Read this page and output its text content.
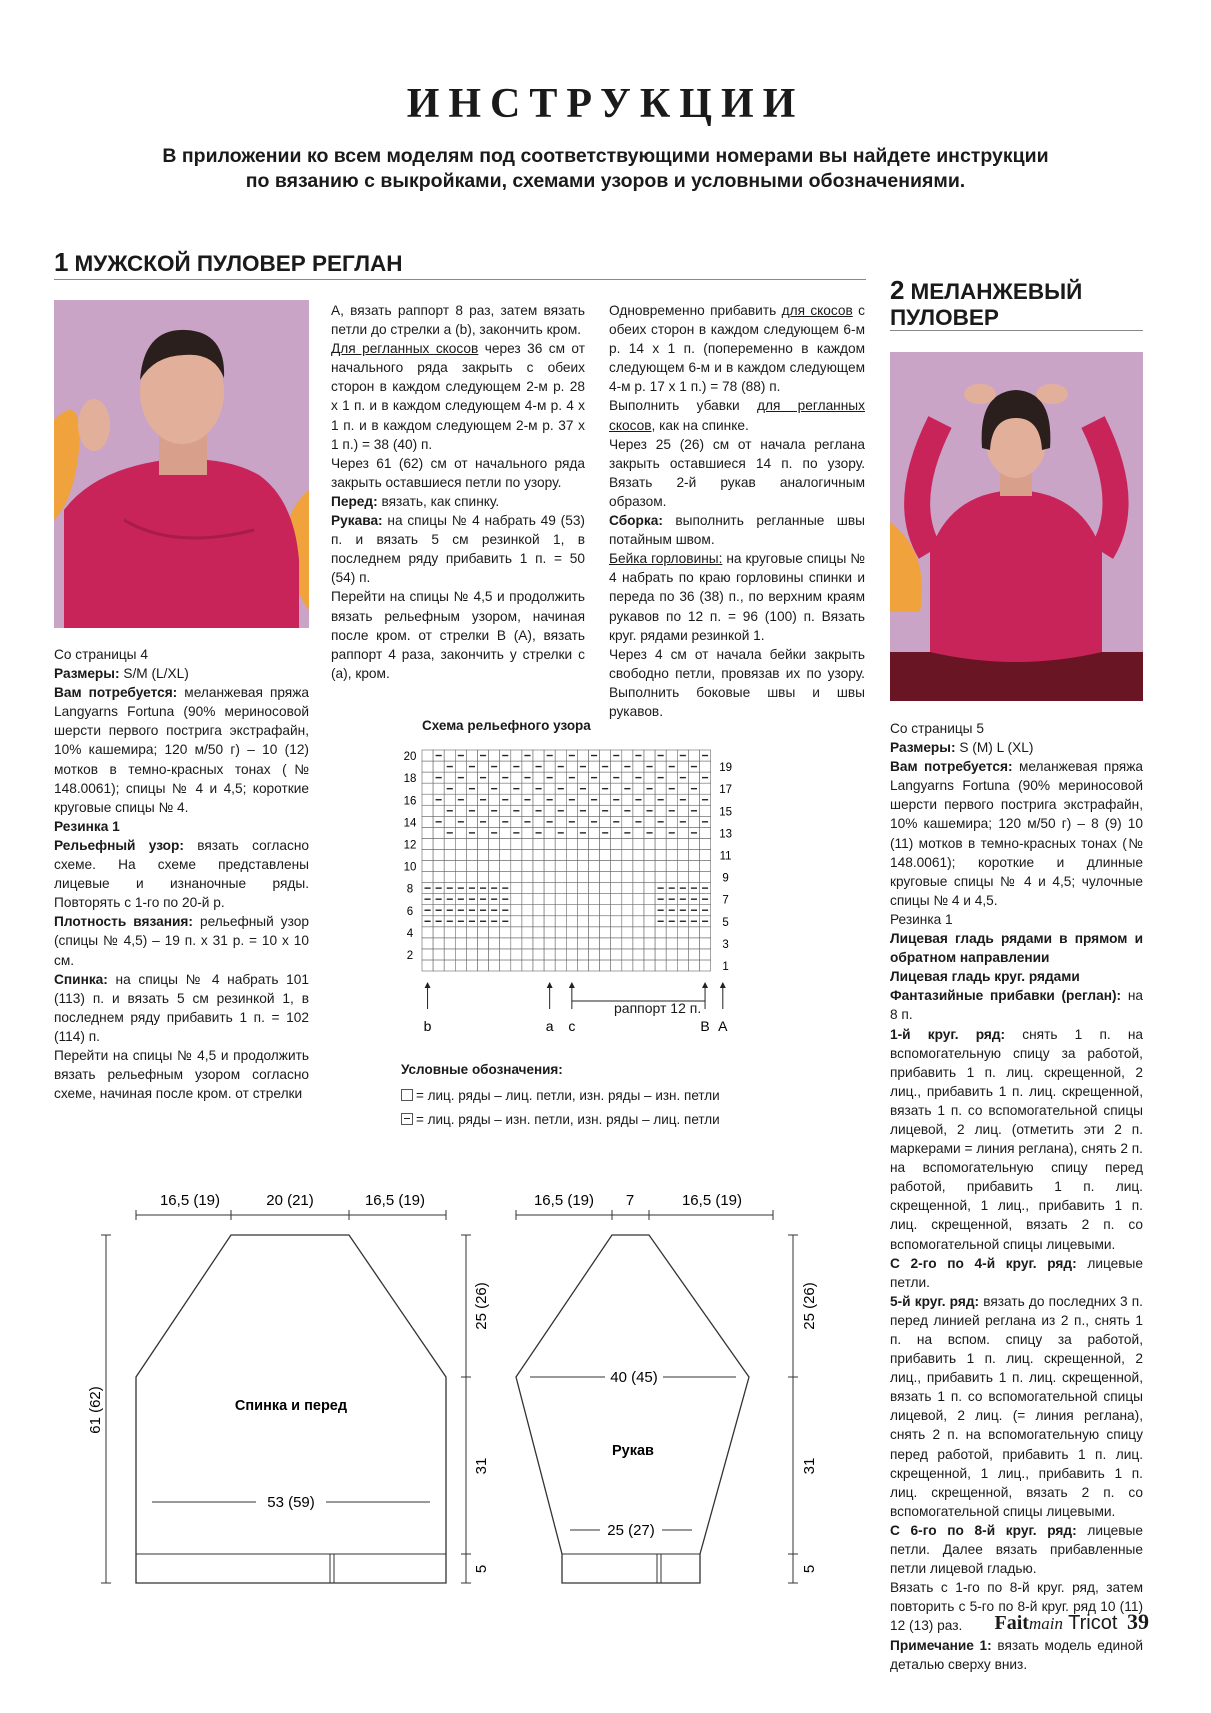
ИНСТРУКЦИИ
В приложении ко всем моделям под соответствующими номерами вы найдете инструкции
по вязанию с выкройками, схемами узоров и условными обозначениями.
1 МУЖСКОЙ ПУЛОВЕР РЕГЛАН

Со страницы 4

Размеры: S/M (L/XL)

Вам потребуется: меланжевая пряжа Langyarns Fortuna (90% мериносовой шерсти первого пострига экстрафайн, 10% кашемира; 120 м/50 г) – 10 (12) мотков в темно-красных тонах (№ 148.0061); спицы № 4 и 4,5; короткие круговые спицы № 4.

Резинка 1

Рельефный узор: вязать согласно схеме. На схеме представлены лицевые и изнаночные ряды. Повторять с 1-го по 20-й р.

Плотность вязания: рельефный узор (спицы № 4,5) – 19 п. х 31 р. = 10 х 10 см.

Спинка: на спицы № 4 набрать 101 (113) п. и вязать 5 см резинкой 1, в последнем ряду прибавить 1 п. = 102 (114) п.

Перейти на спицы № 4,5 и продолжить вязать рельефным узором согласно схеме, начиная после кром. от стрелки

A, вязать раппорт 8 раз, затем вязать петли до стрелки a (b), закончить кром.

Для регланных скосов через 36 см от начального ряда закрыть с обеих сторон в каждом следующем 2-м р. 28 х 1 п. и в каждом следующем 4-м р. 4 х 1 п. и в каждом следующем 2-м р. 37 х 1 п.) = 38 (40) п.

Через 61 (62) см от начального ряда закрыть оставшиеся петли по узору.

Перед: вязать, как спинку.

Рукава: на спицы № 4 набрать 49 (53) п. и вязать 5 см резинкой 1, в последнем ряду прибавить 1 п. = 50 (54) п.

Перейти на спицы № 4,5 и продолжить вязать рельефным узором, начиная после кром. от стрелки B (A), вязать раппорт 4 раза, закончить у стрелки c (a), кром.

Одновременно прибавить для скосов с обеих сторон в каждом следующем 6-м р. 14 х 1 п. (попеременно в каждом следующем 6-м и в каждом следующем 4-м р. 17 х 1 п.) = 78 (88) п.

Выполнить убавки для регланных скосов, как на спинке.

Через 25 (26) см от начала реглана закрыть оставшиеся 14 п. по узору. Вязать 2-й рукав аналогичным образом.

Сборка: выполнить регланные швы потайным швом.

Бейка горловины: на круговые спицы № 4 набрать по краю горловины спинки и переда по 36 (38) п., по верхним краям рукавов по 12 п. = 96 (100) п. Вязать круг. рядами резинкой 1.

Через 4 см от начала бейки закрыть свободно петли, провязав их по узору. Выполнить боковые швы и швы рукавов.

Схема рельефного узора
2
4
6
8
10
12
14
16
18
20
1
3
5
7
9
11
13
15
17
19
b	a c	B A
раппорт 12 п.
Условные обозначения:
= лиц. ряды – лиц. петли, изн. ряды – изн. петли
= лиц. ряды – изн. петли, изн. ряды – лиц. петли
16,5 (19)	20 (21)	16,5 (19)
61 (62)
25 (26)
31
5
53 (59)
Спинка и перед
16,5 (19) 7	16,5 (19)
40 (45)
25 (27)
25 (26)
31
5
Рукав
2 МЕЛАНЖЕВЫЙ
ПУЛОВЕР

Со страницы 5

Размеры: S (M) L (XL)

Вам потребуется: меланжевая пряжа Langyarns Fortuna (90% мериносовой шерсти первого пострига экстрафайн, 10% кашемира; 120 м/50 г) – 8 (9) 10 (11) мотков в темно-красных тонах (№ 148.0061); короткие и длинные круговые спицы № 4 и 4,5; чулочные спицы № 4 и 4,5.

Резинка 1

Лицевая гладь рядами в прямом и обратном направлении

Лицевая гладь круг. рядами

Фантазийные прибавки (реглан): на 8 п.

1-й круг. ряд: снять 1 п. на вспомогательную спицу за работой, прибавить 1 п. лиц. скрещенной, 2 лиц., прибавить 1 п. лиц. скрещенной, вязать 1 п. со вспомогательной спицы лицевой, 2 лиц. (отметить эти 2 п. маркерами = линия реглана), снять 2 п. на вспомогательную спицу перед работой, прибавить 1 п. лиц. скрещенной, 1 лиц., прибавить 1 п. лиц. скрещенной, вязать 2 п. со вспомогательной спицы лицевыми.

С 2-го по 4-й круг. ряд: лицевые петли.

5-й круг. ряд: вязать до последних 3 п. перед линией реглана из 2 п., снять 1 п. на вспом. спицу за работой, прибавить 1 п. лиц. скрещенной, 2 лиц., прибавить 1 п. лиц. скрещенной, вязать 1 п. со вспомогательной спицы лицевой, 2 лиц. (= линия реглана), снять 2 п. на вспомогательную спицу перед работой, прибавить 1 п. лиц. скрещенной, 1 лиц., прибавить 1 п. лиц. скрещенной, вязать 2 п. со вспомогательной спицы лицевыми.

С 6-го по 8-й круг. ряд: лицевые петли. Далее вязать прибавленные петли лицевой гладью.

Вязать с 1-го по 8-й круг. ряд, затем повторить с 5-го по 8-й круг. ряд 10 (11) 12 (13) раз.

Примечание 1: вязать модель единой деталью сверху вниз.

Faitmain Tricot 39
